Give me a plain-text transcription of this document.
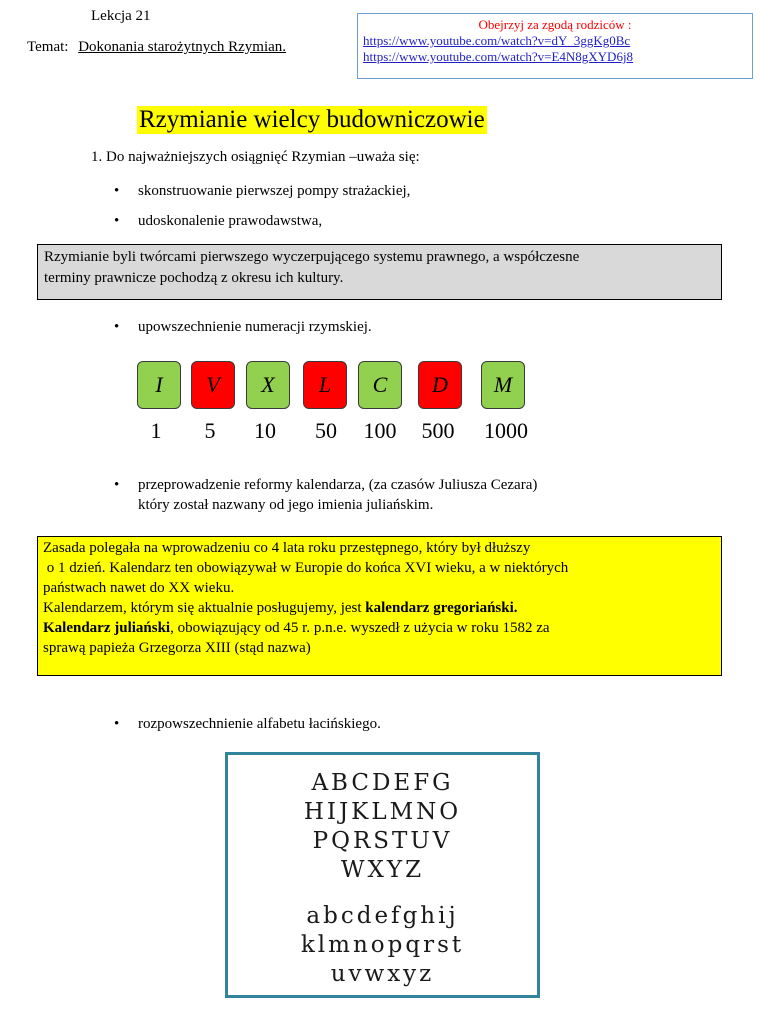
Lekcja 21
Temat: Dokonania starożytnych Rzymian.
Obejrzyj za zgodą rodziców :
https://www.youtube.com/watch?v=dY_3ggKg0Bc
https://www.youtube.com/watch?v=E4N8gXYD6j8
Rzymianie wielcy budowniczowie
1. Do najważniejszych osiągnięć Rzymian –uważa się:
• skonstruowanie pierwszej pompy strażackiej,
• udoskonalenie prawodawstwa,
Rzymianie byli twórcami pierwszego wyczerpującego systemu prawnego, a współczesne
terminy prawnicze pochodzą z okresu ich kultury.
• upowszechnienie numeracji rzymskiej.
I	V	X	L	C	D	M
1	5	10	50	100	500	1000
• przeprowadzenie reformy kalendarza, (za czasów Juliusza Cezara)
który został nazwany od jego imienia juliańskim.
Zasada polegała na wprowadzeniu co 4 lata roku przestępnego, który był dłuższy
o 1 dzień. Kalendarz ten obowiązywał w Europie do końca XVI wieku, a w niektórych
państwach nawet do XX wieku.
Kalendarzem, którym się aktualnie posługujemy, jest kalendarz gregoriański.
Kalendarz juliański, obowiązujący od 45 r. p.n.e. wyszedł z użycia w roku 1582 za
sprawą papieża Grzegorza XIII (stąd nazwa)
• rozpowszechnienie alfabetu łacińskiego.
ABCDEFG
HIJKLMNO
PQRSTUV
WXYZ
abcdefghij
klmnopqrst
uvwxyz
